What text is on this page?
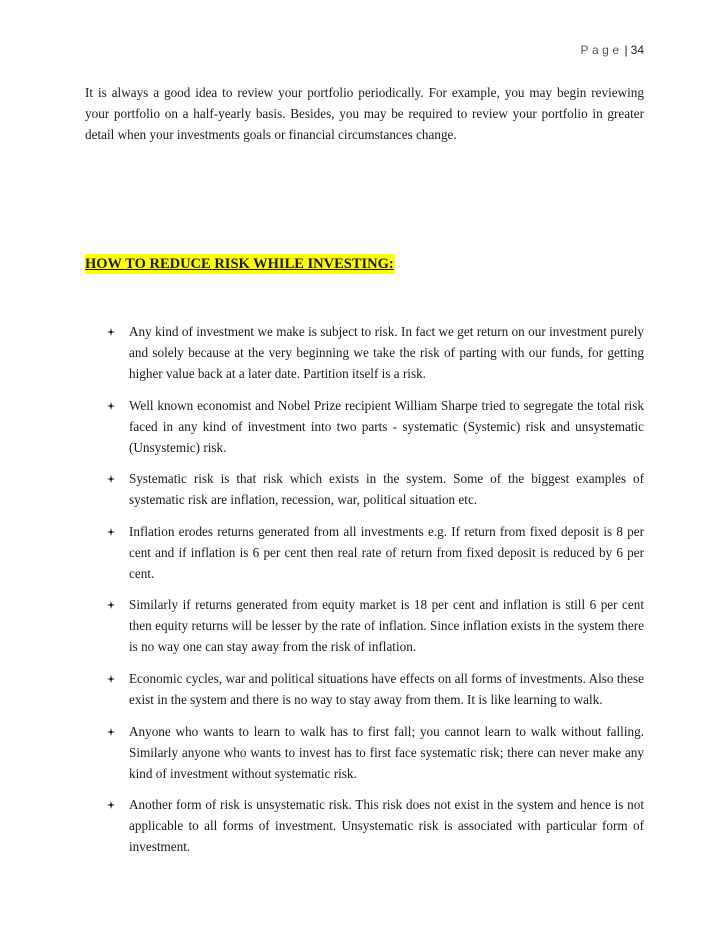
Page | 34

It is always a good idea to review your portfolio periodically. For example, you may begin reviewing your portfolio on a half-yearly basis. Besides, you may be required to review your portfolio in greater detail when your investments goals or financial circumstances change.

HOW TO REDUCE RISK WHILE INVESTING:
Any kind of investment we make is subject to risk. In fact we get return on our investment purely and solely because at the very beginning we take the risk of parting with our funds, for getting higher value back at a later date. Partition itself is a risk.
Well known economist and Nobel Prize recipient William Sharpe tried to segregate the total risk faced in any kind of investment into two parts - systematic (Systemic) risk and unsystematic (Unsystemic) risk.
Systematic risk is that risk which exists in the system. Some of the biggest examples of systematic risk are inflation, recession, war, political situation etc.
Inflation erodes returns generated from all investments e.g. If return from fixed deposit is 8 per cent and if inflation is 6 per cent then real rate of return from fixed deposit is reduced by 6 per cent.
Similarly if returns generated from equity market is 18 per cent and inflation is still 6 per cent then equity returns will be lesser by the rate of inflation. Since inflation exists in the system there is no way one can stay away from the risk of inflation.
Economic cycles, war and political situations have effects on all forms of investments. Also these exist in the system and there is no way to stay away from them. It is like learning to walk.
Anyone who wants to learn to walk has to first fall; you cannot learn to walk without falling. Similarly anyone who wants to invest has to first face systematic risk; there can never make any kind of investment without systematic risk.
Another form of risk is unsystematic risk. This risk does not exist in the system and hence is not applicable to all forms of investment. Unsystematic risk is associated with particular form of investment.
